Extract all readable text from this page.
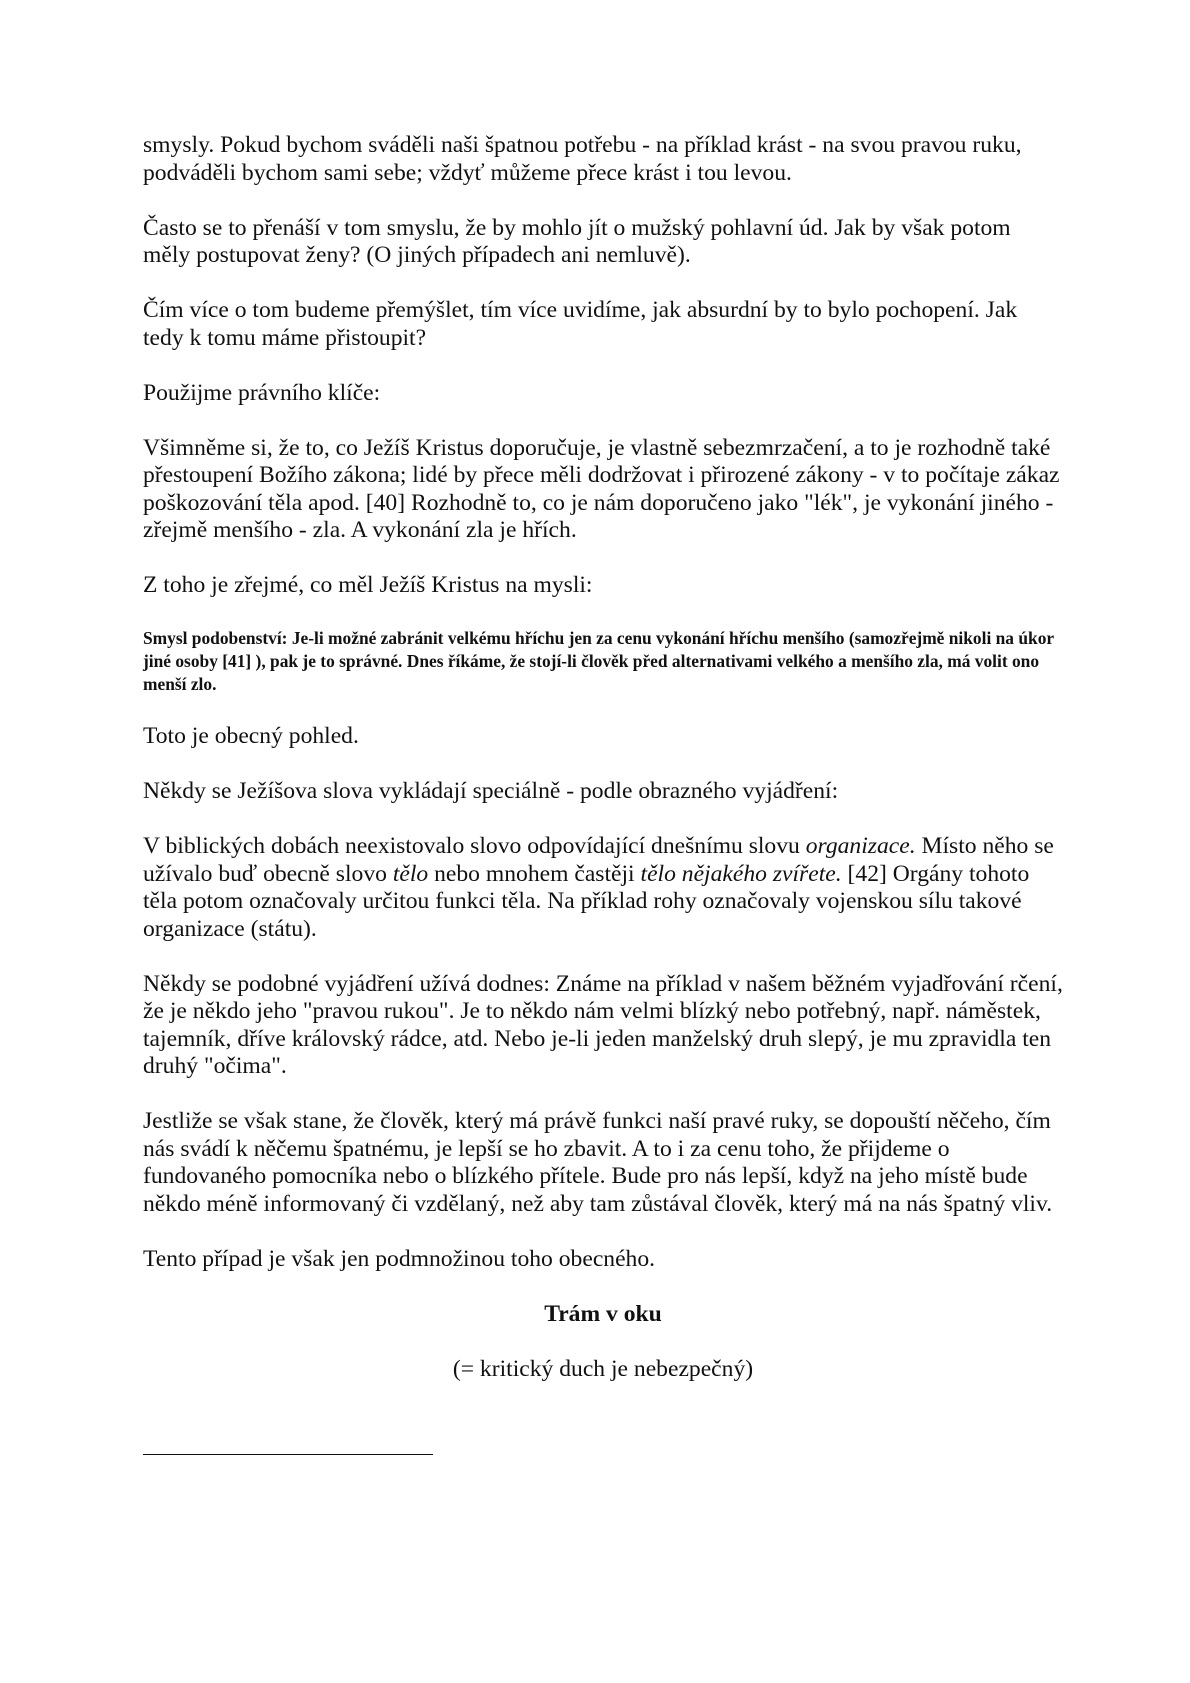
smysly. Pokud bychom sváděli naši špatnou potřebu - na příklad krást - na svou pravou ruku, podváděli bychom sami sebe; vždyť můžeme přece krást i tou levou.

Často se to přenáší v tom smyslu, že by mohlo jít o mužský pohlavní úd. Jak by však potom měly postupovat ženy? (O jiných případech ani nemluvě).

Čím více o tom budeme přemýšlet, tím více uvidíme, jak absurdní by to bylo pochopení. Jak tedy k tomu máme přistoupit?

Použijme právního klíče:

Všimněme si, že to, co Ježíš Kristus doporučuje, je vlastně sebezmrzačení, a to je rozhodně také přestoupení Božího zákona; lidé by přece měli dodržovat i přirozené zákony - v to počítaje zákaz poškozování těla apod. [40] Rozhodně to, co je nám doporučeno jako "lék", je vykonání jiného - zřejmě menšího - zla. A vykonání zla je hřích.

Z toho je zřejmé, co měl Ježíš Kristus na mysli:

Smysl podobenství: Je-li možné zabránit velkému hříchu jen za cenu vykonání hříchu menšího (samozřejmě nikoli na úkor jiné osoby [41] ), pak je to správné. Dnes říkáme, že stojí-li člověk před alternativami velkého a menšího zla, má volit ono menší zlo.

Toto je obecný pohled.

Někdy se Ježíšova slova vykládají speciálně - podle obrazného vyjádření:

V biblických dobách neexistovalo slovo odpovídající dnešnímu slovu organizace. Místo něho se užívalo buď obecně slovo tělo nebo mnohem častěji tělo nějakého zvířete. [42] Orgány tohoto těla potom označovaly určitou funkci těla. Na příklad rohy označovaly vojenskou sílu takové organizace (státu).

Někdy se podobné vyjádření užívá dodnes: Známe na příklad v našem běžném vyjadřování rčení, že je někdo jeho "pravou rukou". Je to někdo nám velmi blízký nebo potřebný, např. náměstek, tajemník, dříve královský rádce, atd. Nebo je-li jeden manželský druh slepý, je mu zpravidla ten druhý "očima".

Jestliže se však stane, že člověk, který má právě funkci naší pravé ruky, se dopouští něčeho, čím nás svádí k něčemu špatnému, je lepší se ho zbavit. A to i za cenu toho, že přijdeme o fundovaného pomocníka nebo o blízkého přítele. Bude pro nás lepší, když na jeho místě bude někdo méně informovaný či vzdělaný, než aby tam zůstával člověk, který má na nás špatný vliv.

Tento případ je však jen podmnožinou toho obecného.

Trám v oku

(= kritický duch je nebezpečný)
